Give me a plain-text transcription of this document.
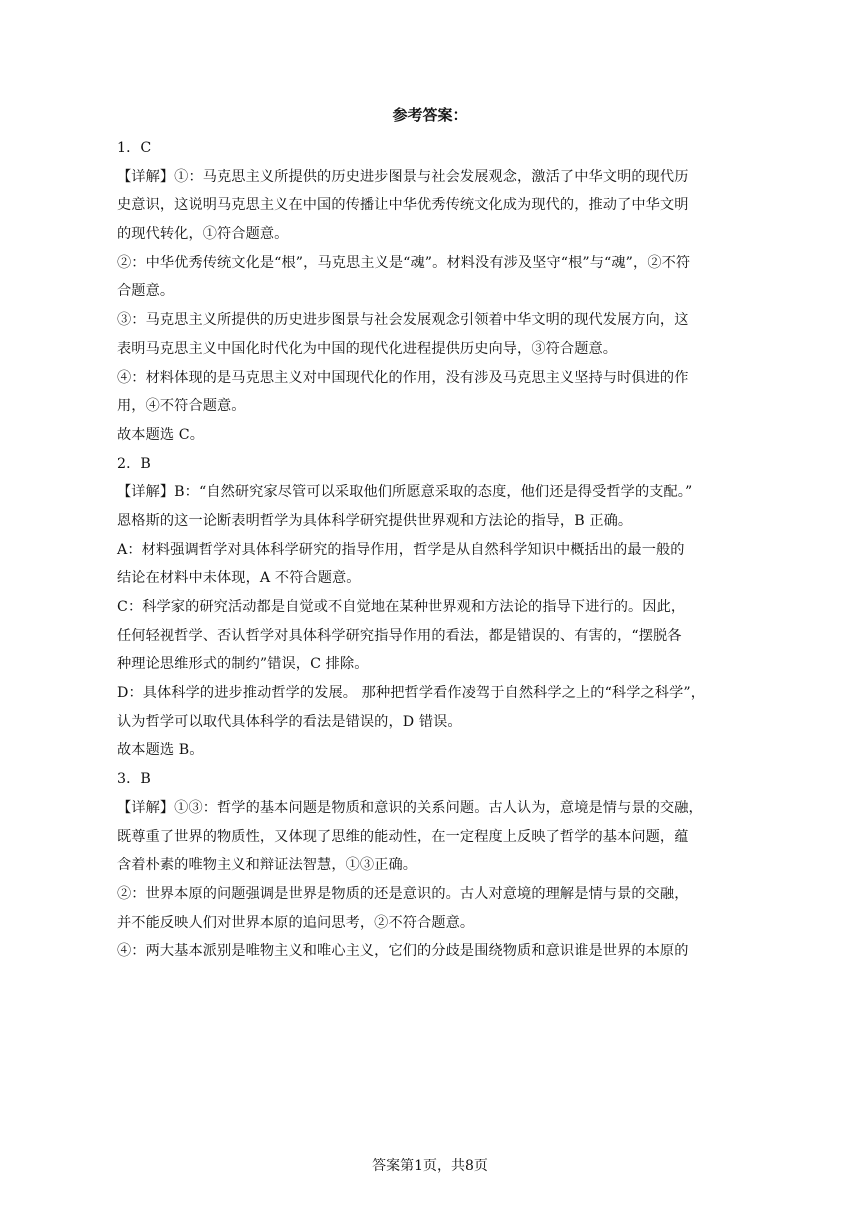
参考答案：
1．C
【详解】①：马克思主义所提供的历史进步图景与社会发展观念，激活了中华文明的现代历
史意识，这说明马克思主义在中国的传播让中华优秀传统文化成为现代的，推动了中华文明
的现代转化，①符合题意。
②：中华优秀传统文化是“根”，马克思主义是“魂”。材料没有涉及坚守“根”与“魂”，②不符
合题意。
③：马克思主义所提供的历史进步图景与社会发展观念引领着中华文明的现代发展方向，这
表明马克思主义中国化时代化为中国的现代化进程提供历史向导，③符合题意。
④：材料体现的是马克思主义对中国现代化的作用，没有涉及马克思主义坚持与时俱进的作
用，④不符合题意。
故本题选 C。
2．B
【详解】B：“自然研究家尽管可以采取他们所愿意采取的态度，他们还是得受哲学的支配。”
恩格斯的这一论断表明哲学为具体科学研究提供世界观和方法论的指导，B 正确。
A：材料强调哲学对具体科学研究的指导作用，哲学是从自然科学知识中概括出的最一般的
结论在材料中未体现，A 不符合题意。
C：科学家的研究活动都是自觉或不自觉地在某种世界观和方法论的指导下进行的。因此，
任何轻视哲学、否认哲学对具体科学研究指导作用的看法，都是错误的、有害的，“摆脱各
种理论思维形式的制约”错误，C 排除。
D：具体科学的进步推动哲学的发展。 那种把哲学看作凌驾于自然科学之上的“科学之科学”，
认为哲学可以取代具体科学的看法是错误的，D 错误。
故本题选 B。
3．B
【详解】①③：哲学的基本问题是物质和意识的关系问题。古人认为，意境是情与景的交融，
既尊重了世界的物质性，又体现了思维的能动性，在一定程度上反映了哲学的基本问题，蕴
含着朴素的唯物主义和辩证法智慧，①③正确。
②：世界本原的问题强调是世界是物质的还是意识的。古人对意境的理解是情与景的交融，
并不能反映人们对世界本原的追问思考，②不符合题意。
④：两大基本派别是唯物主义和唯心主义，它们的分歧是围绕物质和意识谁是世界的本原的
答案第1页，共8页
